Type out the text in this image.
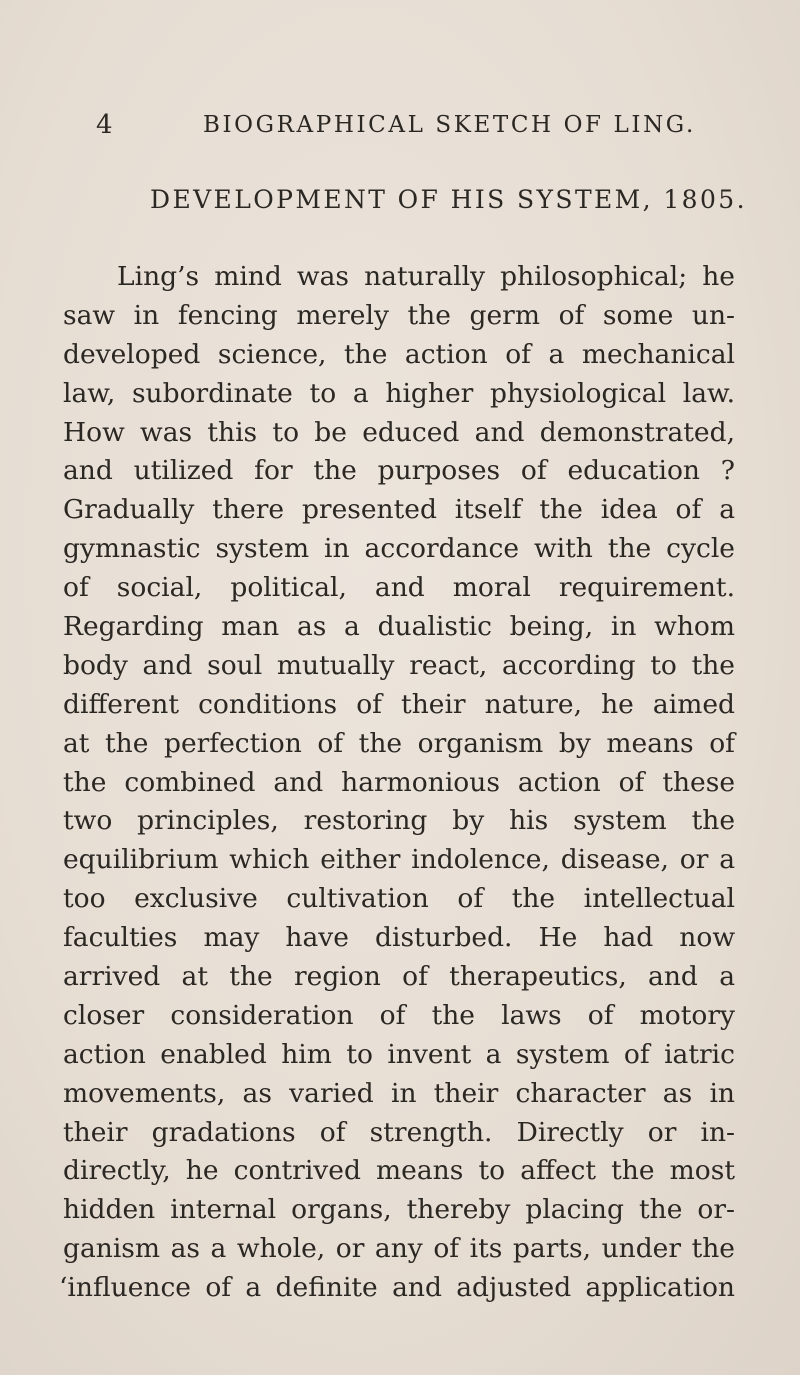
4	BIOGRAPHICAL SKETCH OF LING.
DEVELOPMENT OF HIS SYSTEM, 1805.
Ling’s mind was naturally philosophical; he
saw in fencing merely the germ of some un-
developed science, the action of a mechanical
law, subordinate to a higher physiological law.
How was this to be educed and demonstrated,
and utilized for the purposes of education ?
Gradually there presented itself the idea of a
gymnastic system in accordance with the cycle
of social, political, and moral requirement.
Regarding man as a dualistic being, in whom
body and soul mutually react, according to the
different conditions of their nature, he aimed
at the perfection of the organism by means of
the combined and harmonious action of these
two principles, restoring by his system the
equilibrium which either indolence, disease, or a
too exclusive cultivation of the intellectual
faculties may have disturbed. He had now
arrived at the region of therapeutics, and a
closer consideration of the laws of motory
action enabled him to invent a system of iatric
movements, as varied in their character as in
their gradations of strength. Directly or in-
directly, he contrived means to affect the most
hidden internal organs, thereby placing the or-
ganism as a whole, or any of its parts, under the
‘influence of a definite and adjusted application
